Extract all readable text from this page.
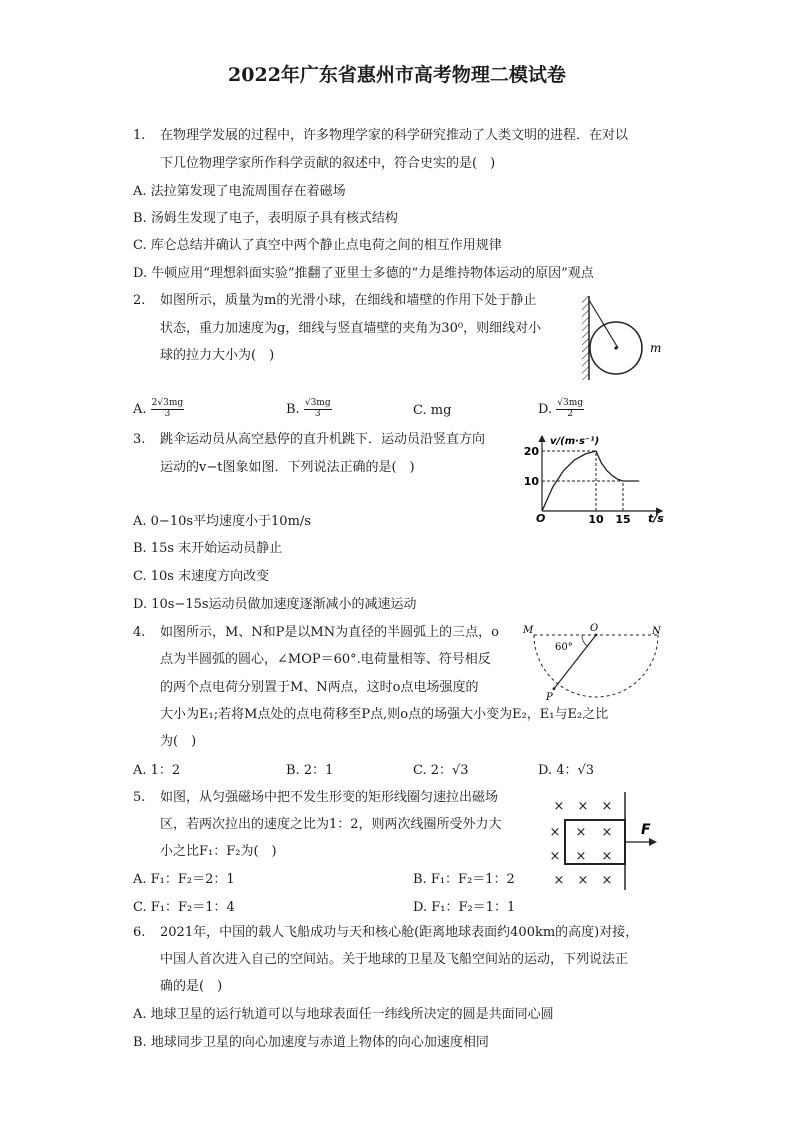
2022年广东省惠州市高考物理二模试卷
1. 在物理学发展的过程中，许多物理学家的科学研究推动了人类文明的进程．在对以
下几位物理学家所作科学贡献的叙述中，符合史实的是(　)
A. 法拉第发现了电流周围存在着磁场
B. 汤姆生发现了电子，表明原子具有核式结构
C. 库仑总结并确认了真空中两个静止点电荷之间的相互作用规律
D. 牛顿应用“理想斜面实验”推翻了亚里士多德的“力是维持物体运动的原因”观点
2. 如图所示，质量为m的光滑小球，在细线和墙壁的作用下处于静止
状态，重力加速度为g，细线与竖直墙壁的夹角为30⁰，则细线对小
球的拉力大小为(　)
A. $\frac{2√3mg}{3}$	B. $\frac{√3mg}{3}$	C. mg	D. $\frac{√3mg}{2}$
m
3. 跳伞运动员从高空悬停的直升机跳下．运动员沿竖直方向
运动的v−t图象如图．下列说法正确的是(　)
A. 0−10s平均速度小于10m/s
B. 15s 末开始运动员静止
C. 10s 末速度方向改变
D. 10s−15s运动员做加速度逐渐减小的减速运动
O
v/(m·s⁻¹)
t/s
20
10
10 15
4. 如图所示，M、N和P是以MN为直径的半圆弧上的三点，o
点为半圆弧的圆心，∠MOP＝60°.电荷量相等、符号相反
的两个点电荷分别置于M、N两点，这时o点电场强度的
大小为E₁;若将M点处的点电荷移至P点,则o点的场强大小变为E₂，E₁与E₂之比
为(　)
A. 1：2	B. 2：1	C. 2：√3	D. 4：√3
M	O	N
P
60°
5. 如图，从匀强磁场中把不发生形变的矩形线圈匀速拉出磁场
区，若两次拉出的速度之比为1：2，则两次线圈所受外力大
小之比F₁：F₂为(　)
A. F₁：F₂＝2：1	B. F₁：F₂＝1：2
C. F₁：F₂＝1：4	D. F₁：F₂＝1：1
F
× × ×
× × ×
× × ×
× × ×
6. 2021年，中国的载人飞船成功与天和核心舱(距离地球表面约400km的高度)对接，
中国人首次进入自己的空间站。关于地球的卫星及飞船空间站的运动，下列说法正
确的是(　)
A. 地球卫星的运行轨道可以与地球表面任一纬线所决定的圆是共面同心圆
B. 地球同步卫星的向心加速度与赤道上物体的向心加速度相同
